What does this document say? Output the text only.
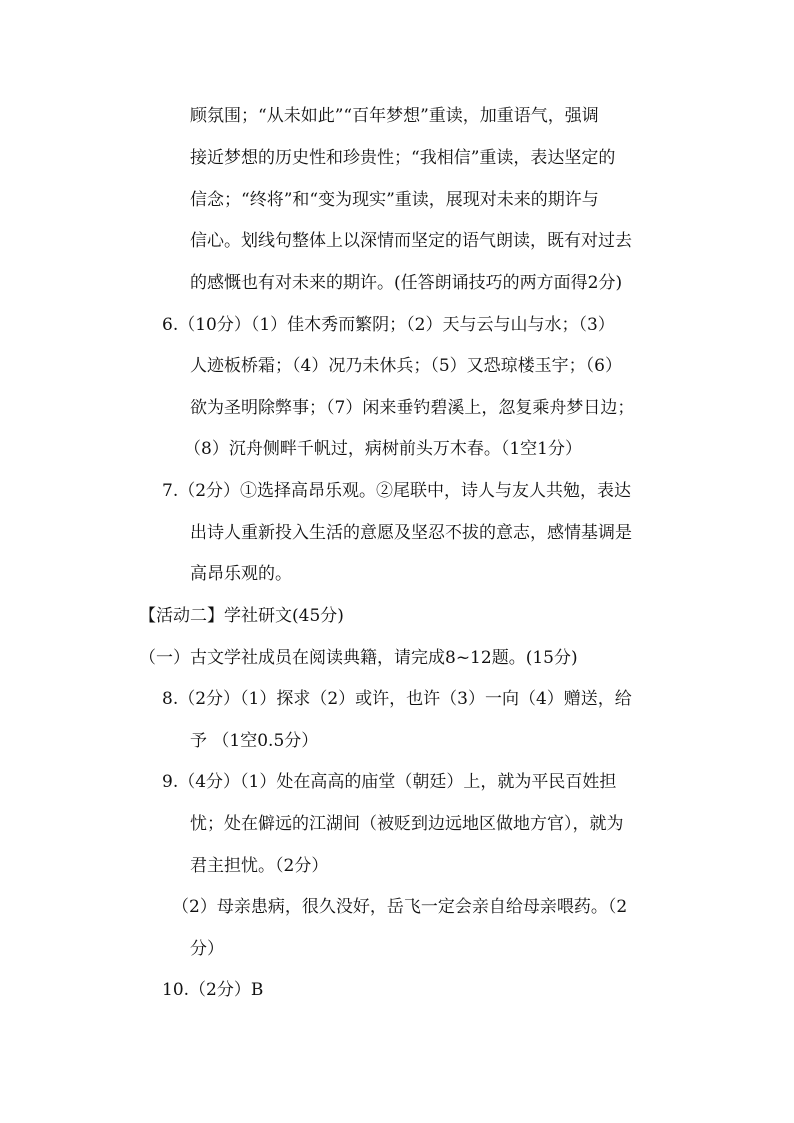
顾氛围；“从未如此”“百年梦想”重读，加重语气，强调
接近梦想的历史性和珍贵性；“我相信”重读，表达坚定的
信念；“终将”和“变为现实”重读，展现对未来的期许与
信心。划线句整体上以深情而坚定的语气朗读，既有对过去
的感慨也有对未来的期许。(任答朗诵技巧的两方面得2分)
6.（10分）（1）佳木秀而繁阴；（2）天与云与山与水；（3）
人迹板桥霜；（4）况乃未休兵；（5）又恐琼楼玉宇；（6）
欲为圣明除弊事；（7）闲来垂钓碧溪上，忽复乘舟梦日边；
（8）沉舟侧畔千帆过，病树前头万木春。（1空1分）
7.（2分）①选择高昂乐观。②尾联中，诗人与友人共勉，表达
出诗人重新投入生活的意愿及坚忍不拔的意志，感情基调是
高昂乐观的。
【活动二】学社研文(45分)
（一）古文学社成员在阅读典籍，请完成8~12题。(15分)
8.（2分）（1）探求（2）或许，也许（3）一向（4）赠送，给
予 （1空0.5分）
9.（4分）（1）处在高高的庙堂（朝廷）上，就为平民百姓担
忧；处在僻远的江湖间（被贬到边远地区做地方官），就为
君主担忧。（2分）
（2）母亲患病，很久没好，岳飞一定会亲自给母亲喂药。（2
分）
10.（2分）B
